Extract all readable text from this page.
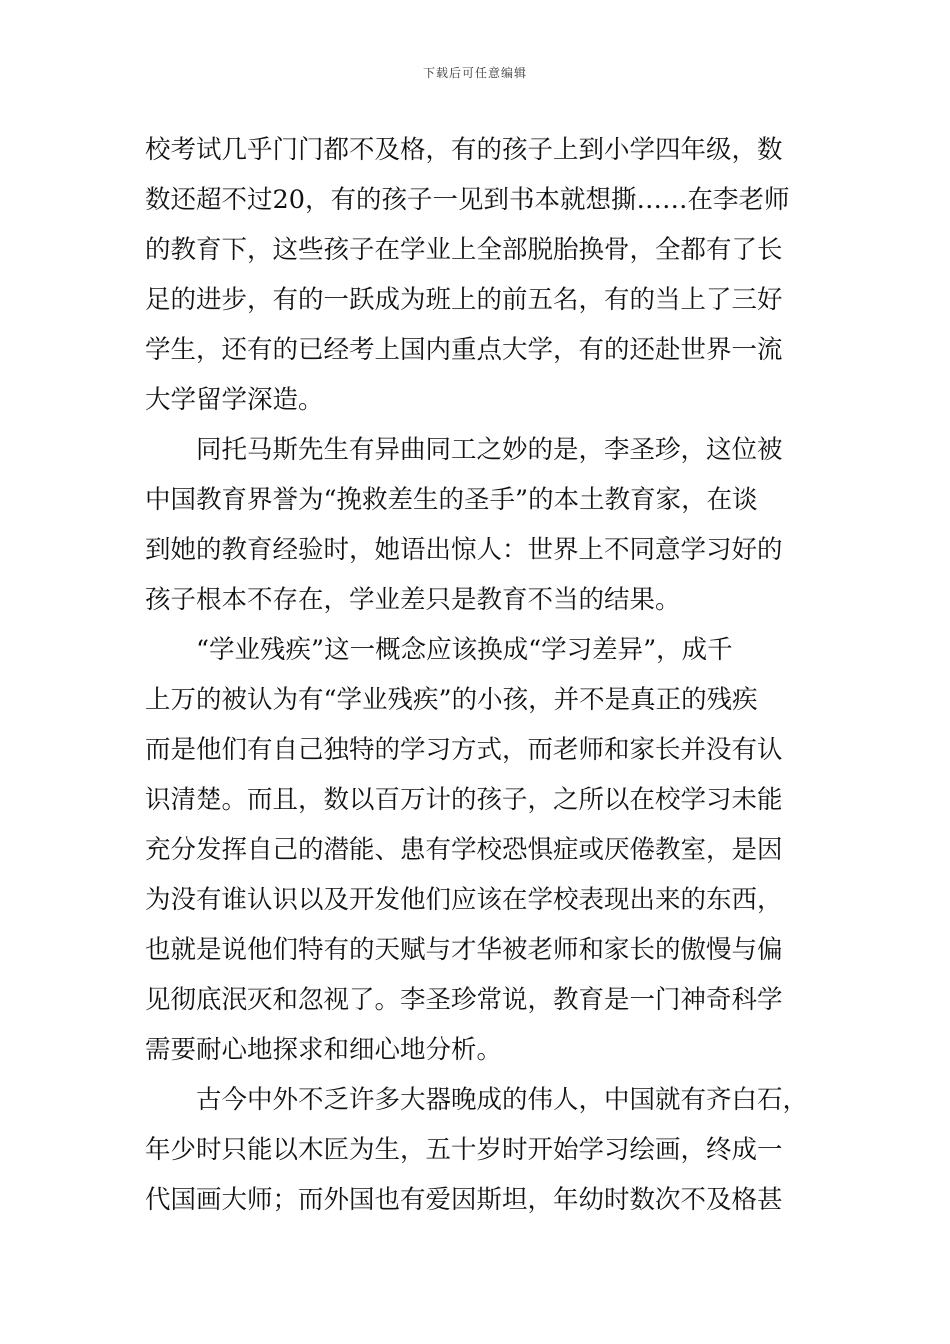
下载后可任意编辑
校考试几乎门门都不及格，有的孩子上到小学四年级，数
数还超不过20，有的孩子一见到书本就想撕……在李老师
的教育下，这些孩子在学业上全部脱胎换骨，全都有了长
足的进步，有的一跃成为班上的前五名，有的当上了三好
学生，还有的已经考上国内重点大学，有的还赴世界一流
大学留学深造。
　　同托马斯先生有异曲同工之妙的是，李圣珍，这位被
中国教育界誉为“挽救差生的圣手”的本土教育家，在谈
到她的教育经验时，她语出惊人：世界上不同意学习好的
孩子根本不存在，学业差只是教育不当的结果。
　　“学业残疾”这一概念应该换成“学习差异”，成千
上万的被认为有“学业残疾”的小孩，并不是真正的残疾
而是他们有自己独特的学习方式，而老师和家长并没有认
识清楚。而且，数以百万计的孩子，之所以在校学习未能
充分发挥自己的潜能、患有学校恐惧症或厌倦教室，是因
为没有谁认识以及开发他们应该在学校表现出来的东西，
也就是说他们特有的天赋与才华被老师和家长的傲慢与偏
见彻底泯灭和忽视了。李圣珍常说，教育是一门神奇科学
需要耐心地探求和细心地分析。
　　古今中外不乏许多大器晚成的伟人，中国就有齐白石，
年少时只能以木匠为生，五十岁时开始学习绘画，终成一
代国画大师；而外国也有爱因斯坦，年幼时数次不及格甚
